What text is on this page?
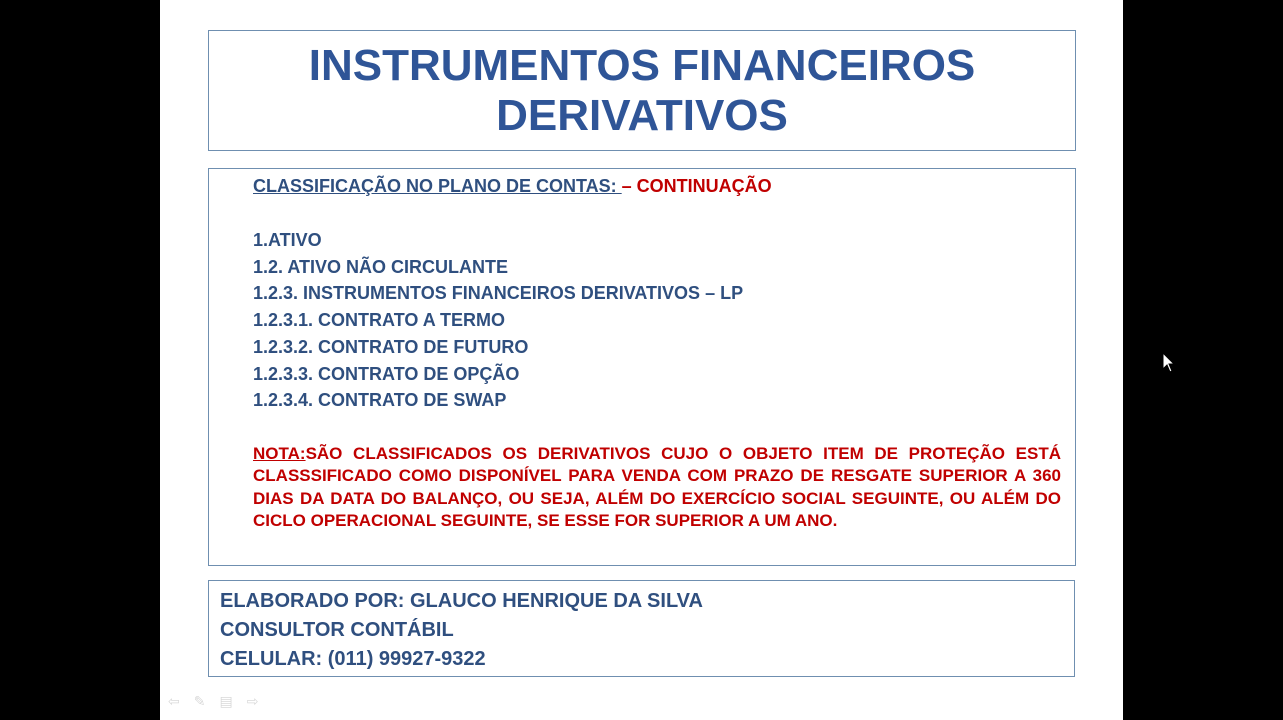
INSTRUMENTOS FINANCEIROS
DERIVATIVOS

CLASSIFICAÇÃO NO PLANO DE CONTAS: – CONTINUAÇÃO

1.ATIVO
1.2. ATIVO NÃO CIRCULANTE
1.2.3. INSTRUMENTOS FINANCEIROS DERIVATIVOS – LP
1.2.3.1. CONTRATO A TERMO
1.2.3.2. CONTRATO DE FUTURO
1.2.3.3. CONTRATO DE OPÇÃO
1.2.3.4. CONTRATO DE SWAP

NOTA:SÃO CLASSIFICADOS OS DERIVATIVOS CUJO O OBJETO ITEM DE PROTEÇÃO ESTÁ CLASSSIFICADO COMO DISPONÍVEL PARA VENDA COM PRAZO DE RESGATE SUPERIOR A 360 DIAS DA DATA DO BALANÇO, OU SEJA, ALÉM DO EXERCÍCIO SOCIAL SEGUINTE, OU ALÉM DO CICLO OPERACIONAL SEGUINTE, SE ESSE FOR SUPERIOR A UM ANO.

ELABORADO POR: GLAUCO HENRIQUE DA SILVA
CONSULTOR CONTÁBIL
CELULAR: (011) 99927-9322
⇦ ✎ ▤ ⇨
